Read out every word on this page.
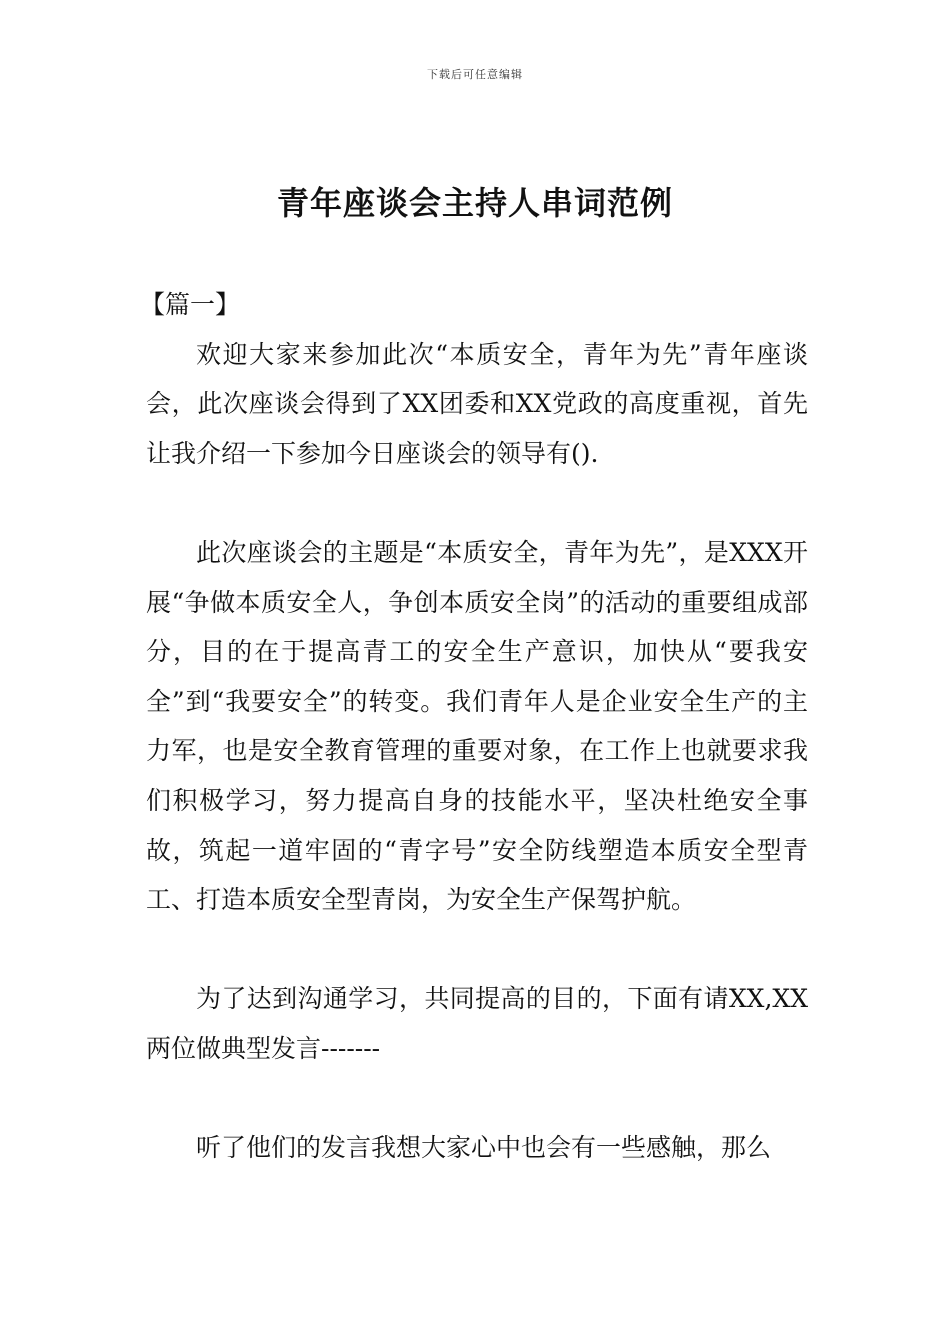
下载后可任意编辑
青年座谈会主持人串词范例

【篇一】

欢迎大家来参加此次“本质安全，青年为先”青年座谈会，此次座谈会得到了XX团委和XX党政的高度重视，首先让我介绍一下参加今日座谈会的领导有().

此次座谈会的主题是“本质安全，青年为先”，是XXX开展“争做本质安全人，争创本质安全岗”的活动的重要组成部分，目的在于提高青工的安全生产意识，加快从“要我安全”到“我要安全”的转变。我们青年人是企业安全生产的主力军，也是安全教育管理的重要对象，在工作上也就要求我们积极学习，努力提高自身的技能水平，坚决杜绝安全事故，筑起一道牢固的“青字号”安全防线塑造本质安全型青工、打造本质安全型青岗，为安全生产保驾护航。

为了达到沟通学习，共同提高的目的，下面有请XX,XX两位做典型发言-------

听了他们的发言我想大家心中也会有一些感触，那么
